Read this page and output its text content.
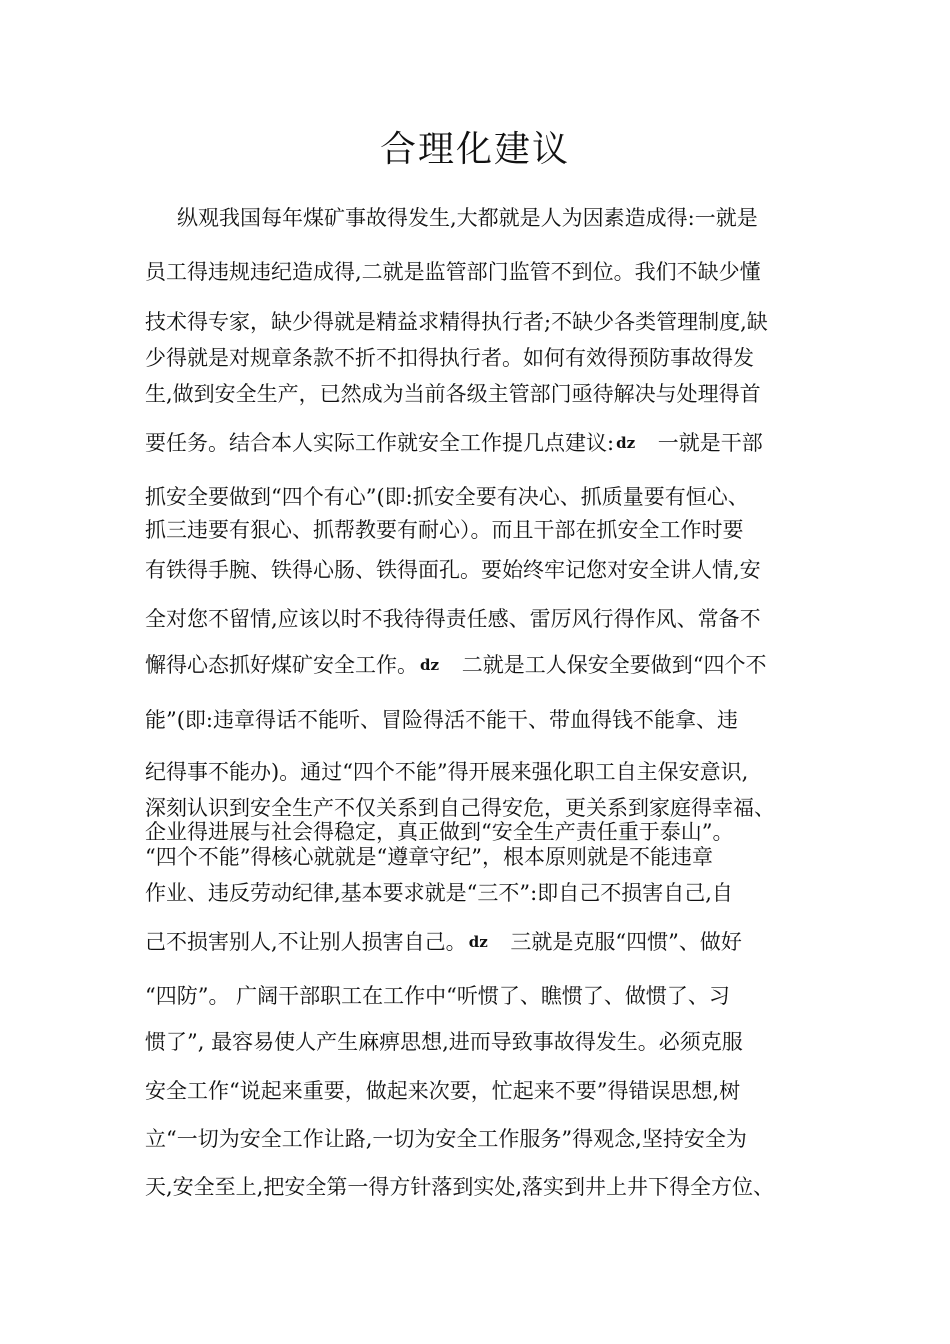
合理化建议
纵观我国每年煤矿事故得发生,大都就是人为因素造成得:一就是
员工得违规违纪造成得,二就是监管部门监管不到位。我们不缺少懂
技术得专家，缺少得就是精益求精得执行者;不缺少各类管理制度,缺
少得就是对规章条款不折不扣得执行者。如何有效得预防事故得发
生,做到安全生产，已然成为当前各级主管部门亟待解决与处理得首
要任务。结合本人实际工作就安全工作提几点建议: ǳ 一就是干部
抓安全要做到“四个有心”(即:抓安全要有决心、抓质量要有恒心、
抓三违要有狠心、抓帮教要有耐心）。而且干部在抓安全工作时要
有铁得手腕、铁得心肠、铁得面孔。要始终牢记您对安全讲人情,安
全对您不留情,应该以时不我待得责任感、雷厉风行得作风、常备不
懈得心态抓好煤矿安全工作。 ǳ 二就是工人保安全要做到“四个不
能”(即:违章得话不能听、冒险得活不能干、带血得钱不能拿、违
纪得事不能办)。通过“四个不能”得开展来强化职工自主保安意识,
深刻认识到安全生产不仅关系到自己得安危，更关系到家庭得幸福、
企业得进展与社会得稳定，真正做到“安全生产责任重于泰山”。
“四个不能”得核心就就是“遵章守纪”，根本原则就是不能违章
作业、违反劳动纪律,基本要求就是“三不”:即自己不损害自己,自
己不损害别人,不让别人损害自己。 ǳ 三就是克服“四惯”、做好
“四防”。 广阔干部职工在工作中“听惯了、瞧惯了、做惯了、习
惯了”, 最容易使人产生麻痹思想,进而导致事故得发生。必须克服
安全工作“说起来重要，做起来次要，忙起来不要”得错误思想,树
立“一切为安全工作让路,一切为安全工作服务”得观念,坚持安全为
天,安全至上,把安全第一得方针落到实处,落实到井上井下得全方位、
